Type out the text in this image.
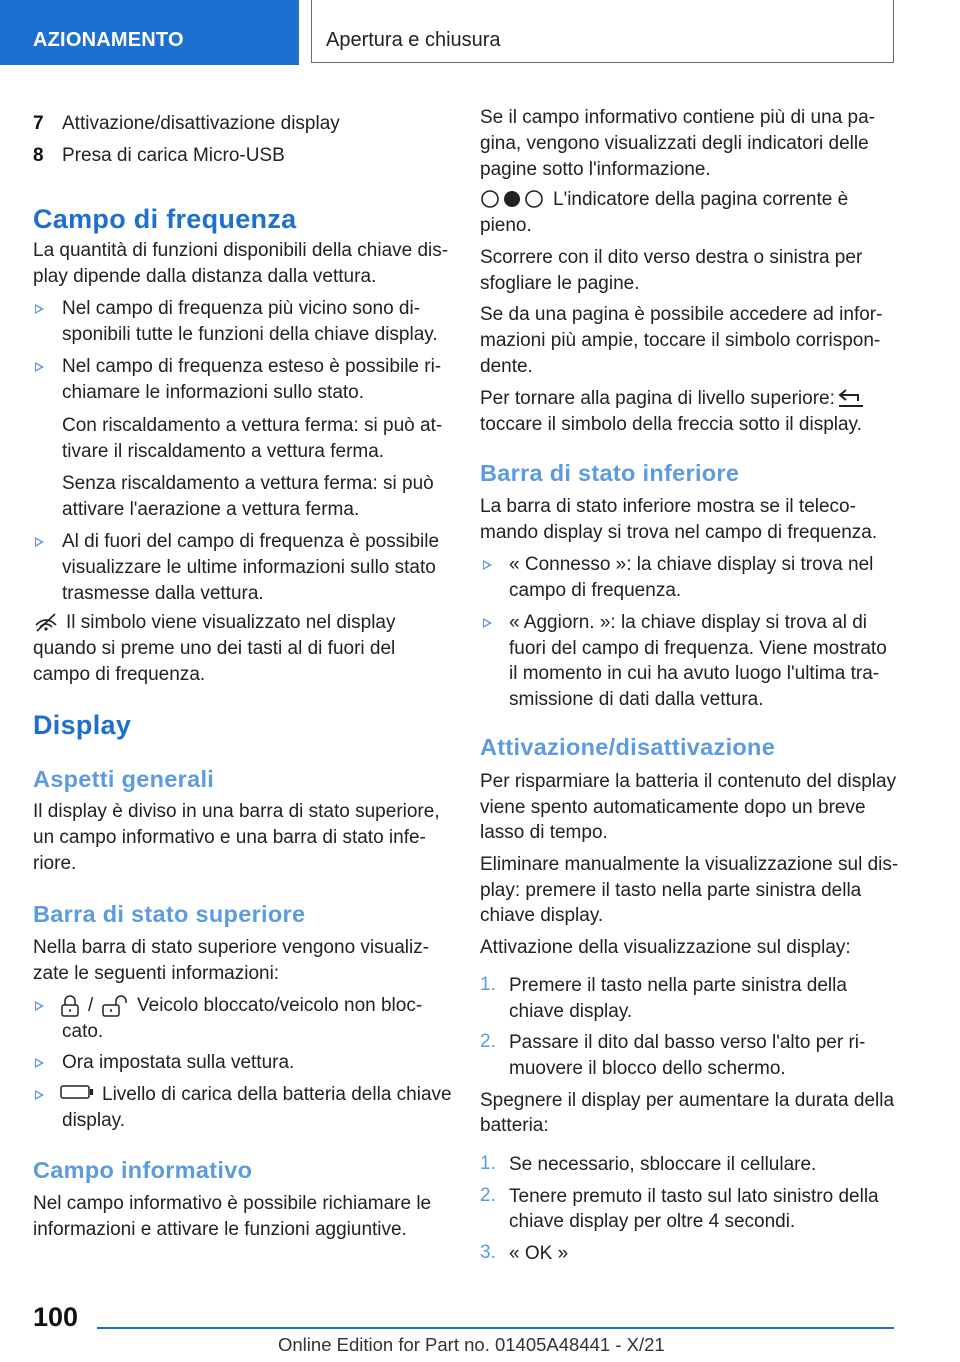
AZIONAMENTO	Apertura e chiusura
7 Attivazione/disattivazione display
8 Presa di carica Micro-USB
Campo di frequenza
La quantità di funzioni disponibili della chiave dis-
play dipende dalla distanza dalla vettura.
Nel campo di frequenza più vicino sono di-
sponibili tutte le funzioni della chiave display.
Nel campo di frequenza esteso è possibile ri-
chiamare le informazioni sullo stato.
Con riscaldamento a vettura ferma: si può at-
tivare il riscaldamento a vettura ferma.
Senza riscaldamento a vettura ferma: si può
attivare l'aerazione a vettura ferma.
Al di fuori del campo di frequenza è possibile
visualizzare le ultime informazioni sullo stato
trasmesse dalla vettura.
Il simbolo viene visualizzato nel display
quando si preme uno dei tasti al di fuori del
campo di frequenza.
Display
Aspetti generali
Il display è diviso in una barra di stato superiore,
un campo informativo e una barra di stato infe-
riore.
Barra di stato superiore
Nella barra di stato superiore vengono visualiz-
zate le seguenti informazioni:
/ Veicolo bloccato/veicolo non bloc-
cato.
Ora impostata sulla vettura.
Livello di carica della batteria della chiave
display.
Campo informativo
Nel campo informativo è possibile richiamare le
informazioni e attivare le funzioni aggiuntive.
Se il campo informativo contiene più di una pa-
gina, vengono visualizzati degli indicatori delle
pagine sotto l'informazione.
L'indicatore della pagina corrente è
pieno.
Scorrere con il dito verso destra o sinistra per
sfogliare le pagine.
Se da una pagina è possibile accedere ad infor-
mazioni più ampie, toccare il simbolo corrispon-
dente.
Per tornare alla pagina di livello superiore:
toccare il simbolo della freccia sotto il display.
Barra di stato inferiore
La barra di stato inferiore mostra se il teleco-
mando display si trova nel campo di frequenza.
« Connesso »: la chiave display si trova nel
campo di frequenza.
« Aggiorn. »: la chiave display si trova al di
fuori del campo di frequenza. Viene mostrato
il momento in cui ha avuto luogo l'ultima tra-
smissione di dati dalla vettura.
Attivazione/disattivazione
Per risparmiare la batteria il contenuto del display
viene spento automaticamente dopo un breve
lasso di tempo.
Eliminare manualmente la visualizzazione sul dis-
play: premere il tasto nella parte sinistra della
chiave display.
Attivazione della visualizzazione sul display:
1. Premere il tasto nella parte sinistra della
chiave display.
2. Passare il dito dal basso verso l'alto per ri-
muovere il blocco dello schermo.
Spegnere il display per aumentare la durata della
batteria:
1. Se necessario, sbloccare il cellulare.
2. Tenere premuto il tasto sul lato sinistro della
chiave display per oltre 4 secondi.
3. « OK »
100
Online Edition for Part no. 01405A48441 - X/21
